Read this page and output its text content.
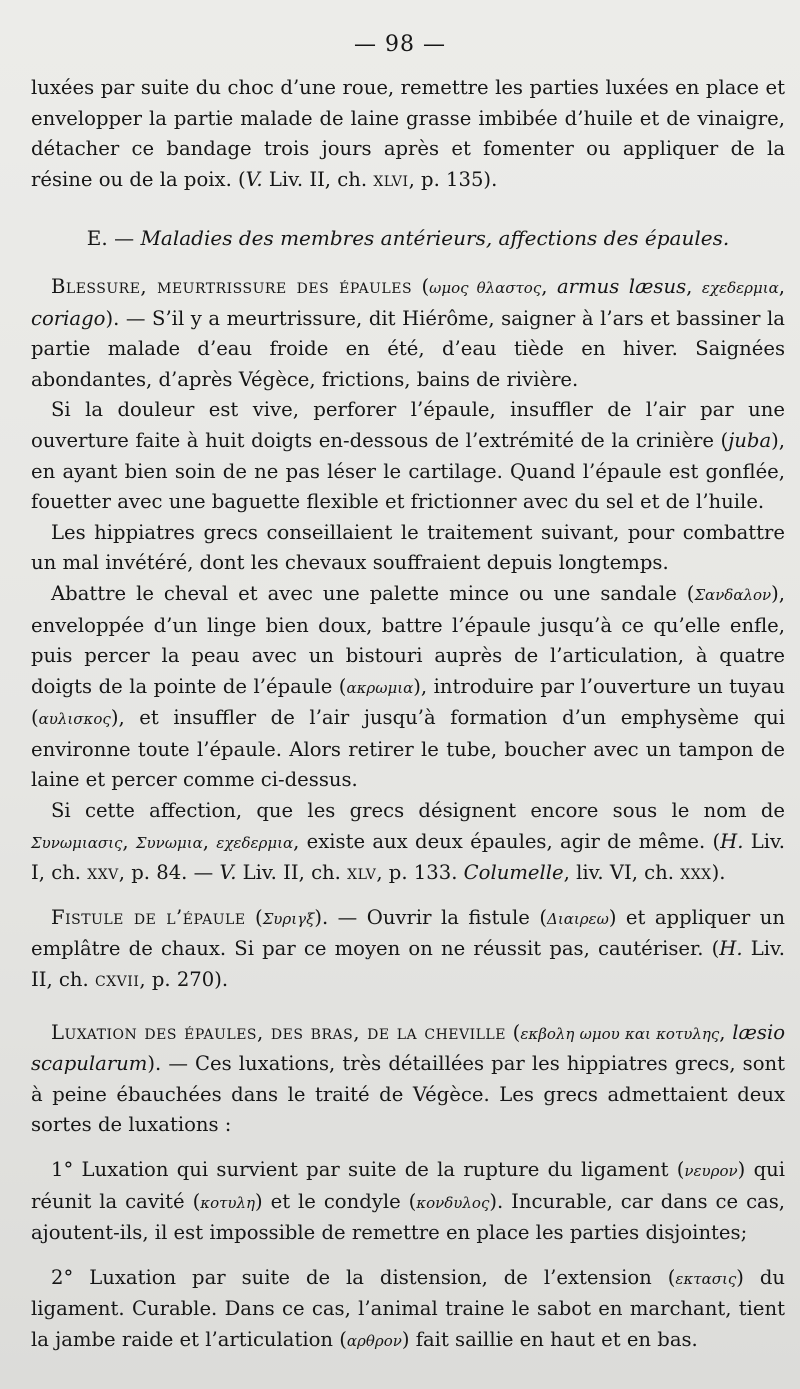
— 98 —

luxées par suite du choc d’une roue, remettre les parties luxées en place et envelopper la partie malade de laine grasse imbibée d’huile et de vinaigre, détacher ce bandage trois jours après et fomenter ou appliquer de la résine ou de la poix. (V. Liv. II, ch. xlvi, p. 135).

E. — Maladies des membres antérieurs, affections des épaules.

Blessure, meurtrissure des épaules (ωμος θλαστος, armus læsus, εχεδερμια, coriago). — S’il y a meurtrissure, dit Hiérôme, saigner à l’ars et bassiner la partie malade d’eau froide en été, d’eau tiède en hiver. Saignées abondantes, d’après Végèce, frictions, bains de rivière.

Si la douleur est vive, perforer l’épaule, insuffler de l’air par une ouverture faite à huit doigts en-dessous de l’extrémité de la crinière (juba), en ayant bien soin de ne pas léser le cartilage. Quand l’épaule est gonflée, fouetter avec une baguette flexible et frictionner avec du sel et de l’huile.

Les hippiatres grecs conseillaient le traitement suivant, pour combattre un mal invétéré, dont les chevaux souffraient depuis longtemps.

Abattre le cheval et avec une palette mince ou une sandale (Σανδαλον), enveloppée d’un linge bien doux, battre l’épaule jusqu’à ce qu’elle enfle, puis percer la peau avec un bistouri auprès de l’articulation, à quatre doigts de la pointe de l’épaule (ακρωμια), introduire par l’ouverture un tuyau (αυλισκος), et insuffler de l’air jusqu’à formation d’un emphysème qui environne toute l’épaule. Alors retirer le tube, boucher avec un tampon de laine et percer comme ci-dessus.

Si cette affection, que les grecs désignent encore sous le nom de Συνωμιασις, Συνωμια, εχεδερμια, existe aux deux épaules, agir de même. (H. Liv. I, ch. xxv, p. 84. — V. Liv. II, ch. xlv, p. 133. Columelle, liv. VI, ch. xxx).

Fistule de l’épaule (Συριγξ). — Ouvrir la fistule (Διαιρεω) et appliquer un emplâtre de chaux. Si par ce moyen on ne réussit pas, cautériser. (H. Liv. II, ch. cxvii, p. 270).

Luxation des épaules, des bras, de la cheville (εκβολη ωμου και κοτυλης, læsio scapularum). — Ces luxations, très détaillées par les hippiatres grecs, sont à peine ébauchées dans le traité de Végèce. Les grecs admettaient deux sortes de luxations :

1° Luxation qui survient par suite de la rupture du ligament (νευρον) qui réunit la cavité (κοτυλη) et le condyle (κονδυλος). Incurable, car dans ce cas, ajoutent-ils, il est impossible de remettre en place les parties disjointes;

2° Luxation par suite de la distension, de l’extension (εκτασις) du ligament. Curable. Dans ce cas, l’animal traine le sabot en marchant, tient la jambe raide et l’articulation (αρθρον) fait saillie en haut et en bas.
